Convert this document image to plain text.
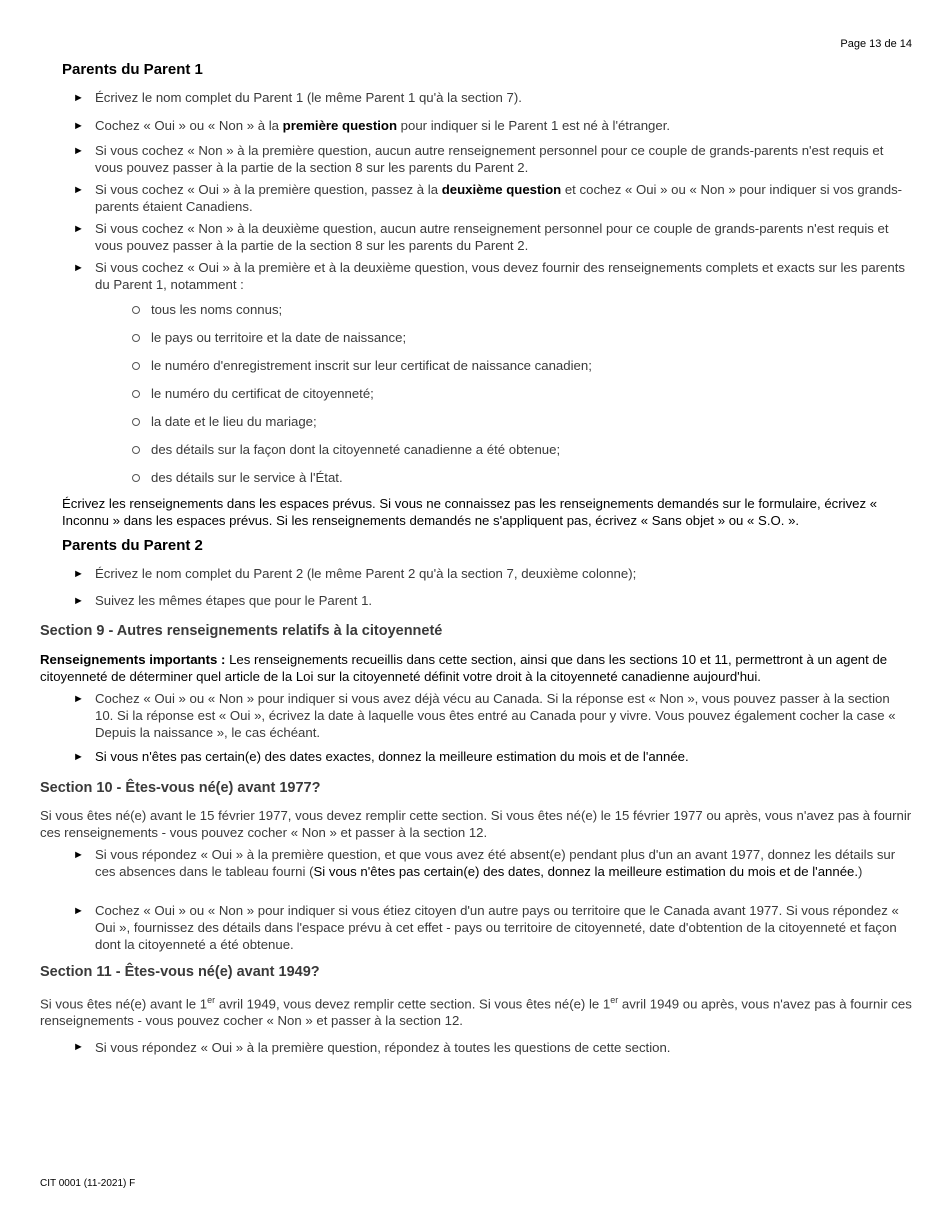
Page 13 de 14
Parents du Parent 1
► Écrivez le nom complet du Parent 1 (le même Parent 1 qu'à la section 7).
► Cochez « Oui » ou « Non » à la première question pour indiquer si le Parent 1 est né à l'étranger.
► Si vous cochez « Non » à la première question, aucun autre renseignement personnel pour ce couple de grands-parents n'est requis et vous pouvez passer à la partie de la section 8 sur les parents du Parent 2.
► Si vous cochez « Oui » à la première question, passez à la deuxième question et cochez « Oui » ou « Non » pour indiquer si vos grands-parents étaient Canadiens.
► Si vous cochez « Non » à la deuxième question, aucun autre renseignement personnel pour ce couple de grands-parents n'est requis et vous pouvez passer à la partie de la section 8 sur les parents du Parent 2.
► Si vous cochez « Oui » à la première et à la deuxième question, vous devez fournir des renseignements complets et exacts sur les parents du Parent 1, notamment :
tous les noms connus;
le pays ou territoire et la date de naissance;
le numéro d'enregistrement inscrit sur leur certificat de naissance canadien;
le numéro du certificat de citoyenneté;
la date et le lieu du mariage;
des détails sur la façon dont la citoyenneté canadienne a été obtenue;
des détails sur le service à l'État.
Écrivez les renseignements dans les espaces prévus. Si vous ne connaissez pas les renseignements demandés sur le formulaire, écrivez « Inconnu » dans les espaces prévus. Si les renseignements demandés ne s'appliquent pas, écrivez « Sans objet » ou « S.O. ».
Parents du Parent 2
► Écrivez le nom complet du Parent 2 (le même Parent 2 qu'à la section 7, deuxième colonne);
► Suivez les mêmes étapes que pour le Parent 1.
Section 9 - Autres renseignements relatifs à la citoyenneté
Renseignements importants : Les renseignements recueillis dans cette section, ainsi que dans les sections 10 et 11, permettront à un agent de citoyenneté de déterminer quel article de la Loi sur la citoyenneté définit votre droit à la citoyenneté canadienne aujourd'hui.
► Cochez « Oui » ou « Non » pour indiquer si vous avez déjà vécu au Canada. Si la réponse est « Non », vous pouvez passer à la section 10. Si la réponse est « Oui », écrivez la date à laquelle vous êtes entré au Canada pour y vivre. Vous pouvez également cocher la case « Depuis la naissance », le cas échéant.
► Si vous n'êtes pas certain(e) des dates exactes, donnez la meilleure estimation du mois et de l'année.
Section 10 - Êtes-vous né(e) avant 1977?
Si vous êtes né(e) avant le 15 février 1977, vous devez remplir cette section. Si vous êtes né(e) le 15 février 1977 ou après, vous n'avez pas à fournir ces renseignements - vous pouvez cocher « Non » et passer à la section 12.
► Si vous répondez « Oui » à la première question, et que vous avez été absent(e) pendant plus d'un an avant 1977, donnez les détails sur ces absences dans le tableau fourni (Si vous n'êtes pas certain(e) des dates, donnez la meilleure estimation du mois et de l'année.)
► Cochez « Oui » ou « Non » pour indiquer si vous étiez citoyen d'un autre pays ou territoire que le Canada avant 1977. Si vous répondez « Oui », fournissez des détails dans l'espace prévu à cet effet - pays ou territoire de citoyenneté, date d'obtention de la citoyenneté et façon dont la citoyenneté a été obtenue.
Section 11 - Êtes-vous né(e) avant 1949?
Si vous êtes né(e) avant le 1er avril 1949, vous devez remplir cette section. Si vous êtes né(e) le 1er avril 1949 ou après, vous n'avez pas à fournir ces renseignements - vous pouvez cocher « Non » et passer à la section 12.
► Si vous répondez « Oui » à la première question, répondez à toutes les questions de cette section.
CIT 0001 (11-2021) F
